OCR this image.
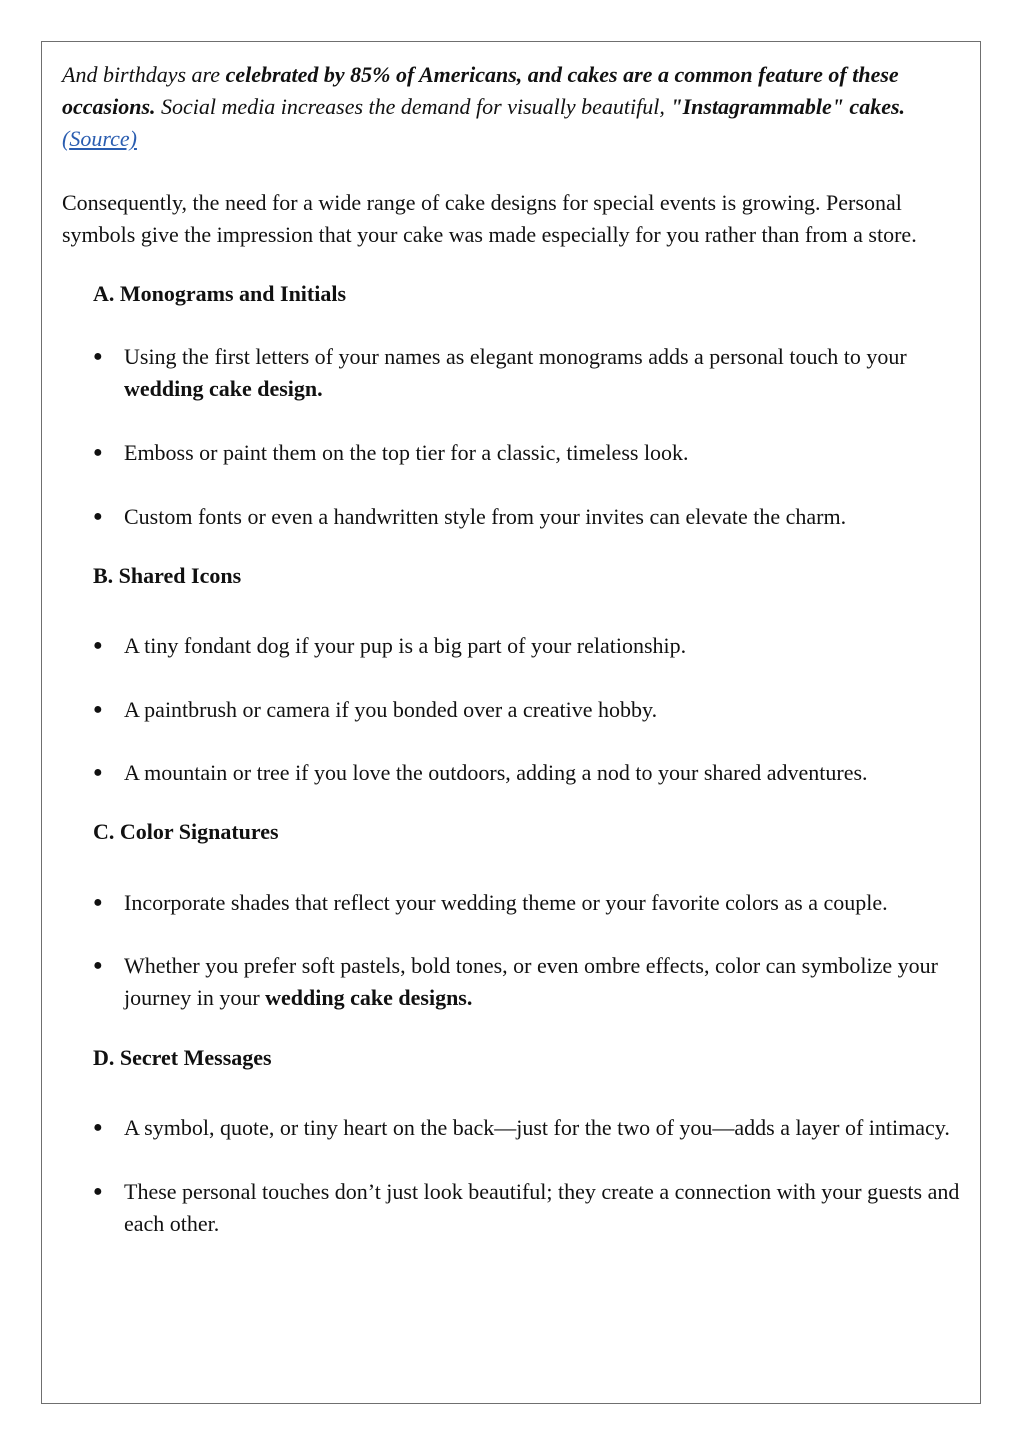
And birthdays are celebrated by 85% of Americans, and cakes are a common feature of these occasions. Social media increases the demand for visually beautiful, "Instagrammable" cakes. (Source)

Consequently, the need for a wide range of cake designs for special events is growing. Personal symbols give the impression that your cake was made especially for you rather than from a store.

A. Monograms and Initials
● Using the first letters of your names as elegant monograms adds a personal touch to your wedding cake design.
● Emboss or paint them on the top tier for a classic, timeless look.
● Custom fonts or even a handwritten style from your invites can elevate the charm.
B. Shared Icons
● A tiny fondant dog if your pup is a big part of your relationship.
● A paintbrush or camera if you bonded over a creative hobby.
● A mountain or tree if you love the outdoors, adding a nod to your shared adventures.
C. Color Signatures
● Incorporate shades that reflect your wedding theme or your favorite colors as a couple.
● Whether you prefer soft pastels, bold tones, or even ombre effects, color can symbolize your journey in your wedding cake designs.
D. Secret Messages
● A symbol, quote, or tiny heart on the back—just for the two of you—adds a layer of intimacy.
● These personal touches don’t just look beautiful; they create a connection with your guests and each other.
